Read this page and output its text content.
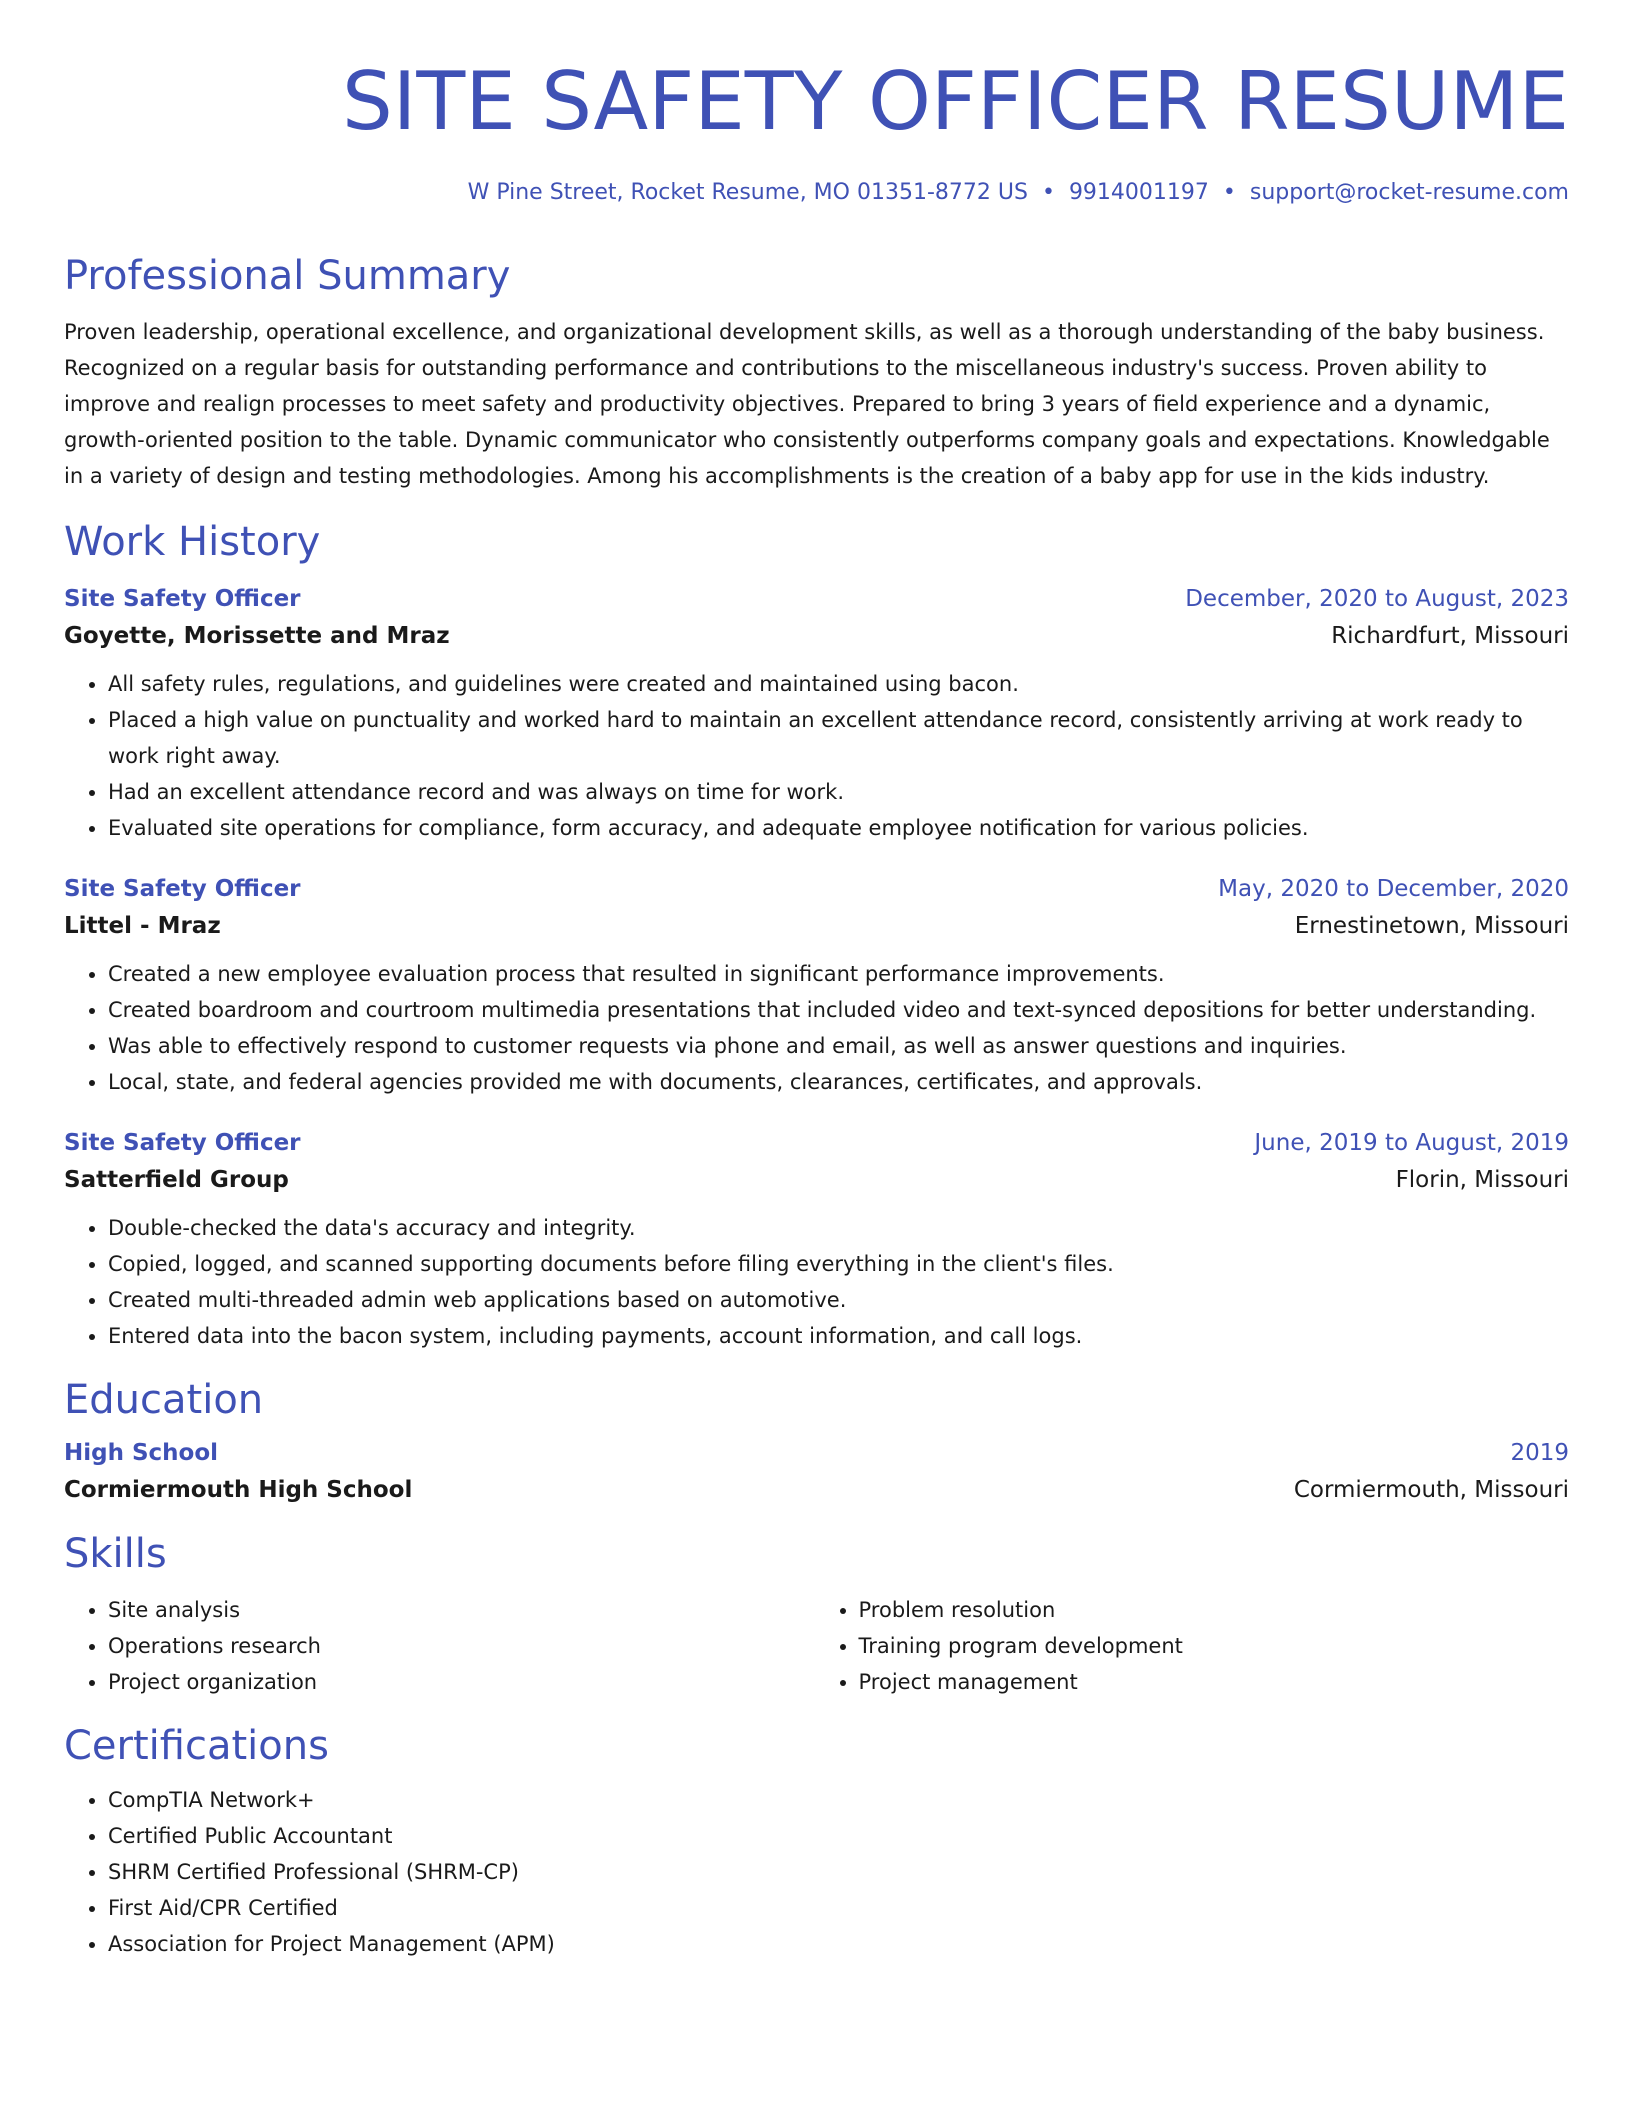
SITE SAFETY OFFICER RESUME
W Pine Street, Rocket Resume, MO 01351-8772 US • 9914001197 • support@rocket-resume.com
Professional Summary
Proven leadership, operational excellence, and organizational development skills, as well as a thorough understanding of the baby business. Recognized on a regular basis for outstanding performance and contributions to the miscellaneous industry's success. Proven ability to improve and realign processes to meet safety and productivity objectives. Prepared to bring 3 years of field experience and a dynamic, growth-oriented position to the table. Dynamic communicator who consistently outperforms company goals and expectations. Knowledgable in a variety of design and testing methodologies. Among his accomplishments is the creation of a baby app for use in the kids industry.
Work History
Site Safety Officer	December, 2020 to August, 2023
Goyette, Morissette and Mraz	Richardfurt, Missouri
• All safety rules, regulations, and guidelines were created and maintained using bacon.
• Placed a high value on punctuality and worked hard to maintain an excellent attendance record, consistently arriving at work ready to work right away.
• Had an excellent attendance record and was always on time for work.
• Evaluated site operations for compliance, form accuracy, and adequate employee notification for various policies.
Site Safety Officer	May, 2020 to December, 2020
Littel - Mraz	Ernestinetown, Missouri
• Created a new employee evaluation process that resulted in significant performance improvements.
• Created boardroom and courtroom multimedia presentations that included video and text-synced depositions for better understanding.
• Was able to effectively respond to customer requests via phone and email, as well as answer questions and inquiries.
• Local, state, and federal agencies provided me with documents, clearances, certificates, and approvals.
Site Safety Officer	June, 2019 to August, 2019
Satterfield Group	Florin, Missouri
• Double-checked the data's accuracy and integrity.
• Copied, logged, and scanned supporting documents before filing everything in the client's files.
• Created multi-threaded admin web applications based on automotive.
• Entered data into the bacon system, including payments, account information, and call logs.
Education
High School	2019
Cormiermouth High School	Cormiermouth, Missouri
Skills
• Site analysis
• Operations research
• Project organization
• Problem resolution
• Training program development
• Project management
Certifications
• CompTIA Network+
• Certified Public Accountant
• SHRM Certified Professional (SHRM-CP)
• First Aid/CPR Certified
• Association for Project Management (APM)
